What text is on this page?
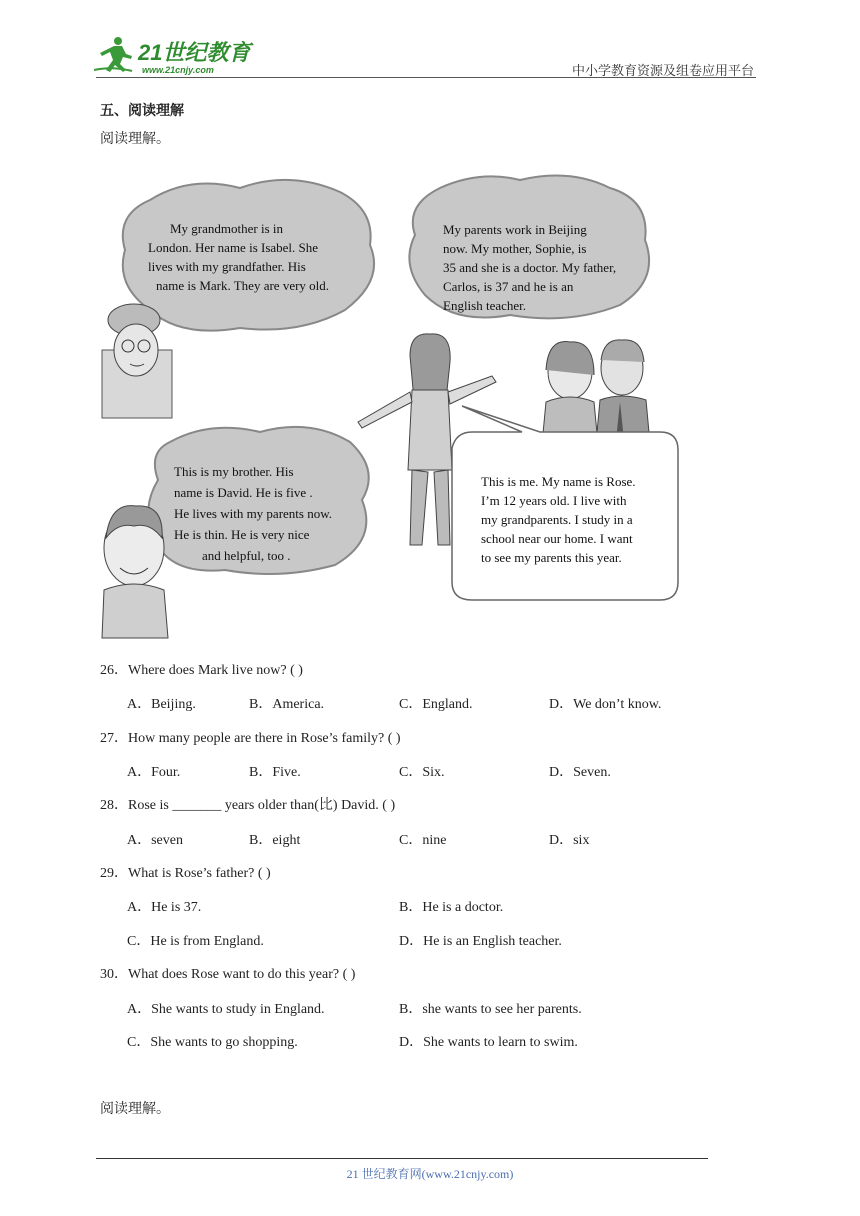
21世纪教育
www.21cnjy.com	中小学教育资源及组卷应用平台
五、阅读理解
阅读理解。
My grandmother is in
London. Her name is Isabel. She
lives with my grandfather. His
name is Mark. They are very old.
My parents work in Beijing
now. My mother, Sophie, is
35 and she is a doctor. My father,
Carlos, is 37 and he is an
English teacher.
This is my brother. His
name is David. He is five .
He lives with my parents now.
He is thin. He is very nice
and helpful, too .
This is me. My name is Rose.
I’m 12 years old. I live with
my grandparents. I study in a
school near our home. I want
to see my parents this year.
26．Where does Mark live now? ( )
A．Beijing.	B．America.	C．England.	D．We don’t know.
27．How many people are there in Rose’s family? ( )
A．Four.	B．Five.	C．Six.	D．Seven.
28．Rose is _______ years older than(比) David. ( )
A．seven	B．eight	C．nine	D．six
29．What is Rose’s father? ( )
A．He is 37.	B．He is a doctor.
C．He is from England.	D．He is an English teacher.
30．What does Rose want to do this year? ( )
A．She wants to study in England.	B．she wants to see her parents.
C．She wants to go shopping.	D．She wants to learn to swim.
阅读理解。
21 世纪教育网(www.21cnjy.com)
